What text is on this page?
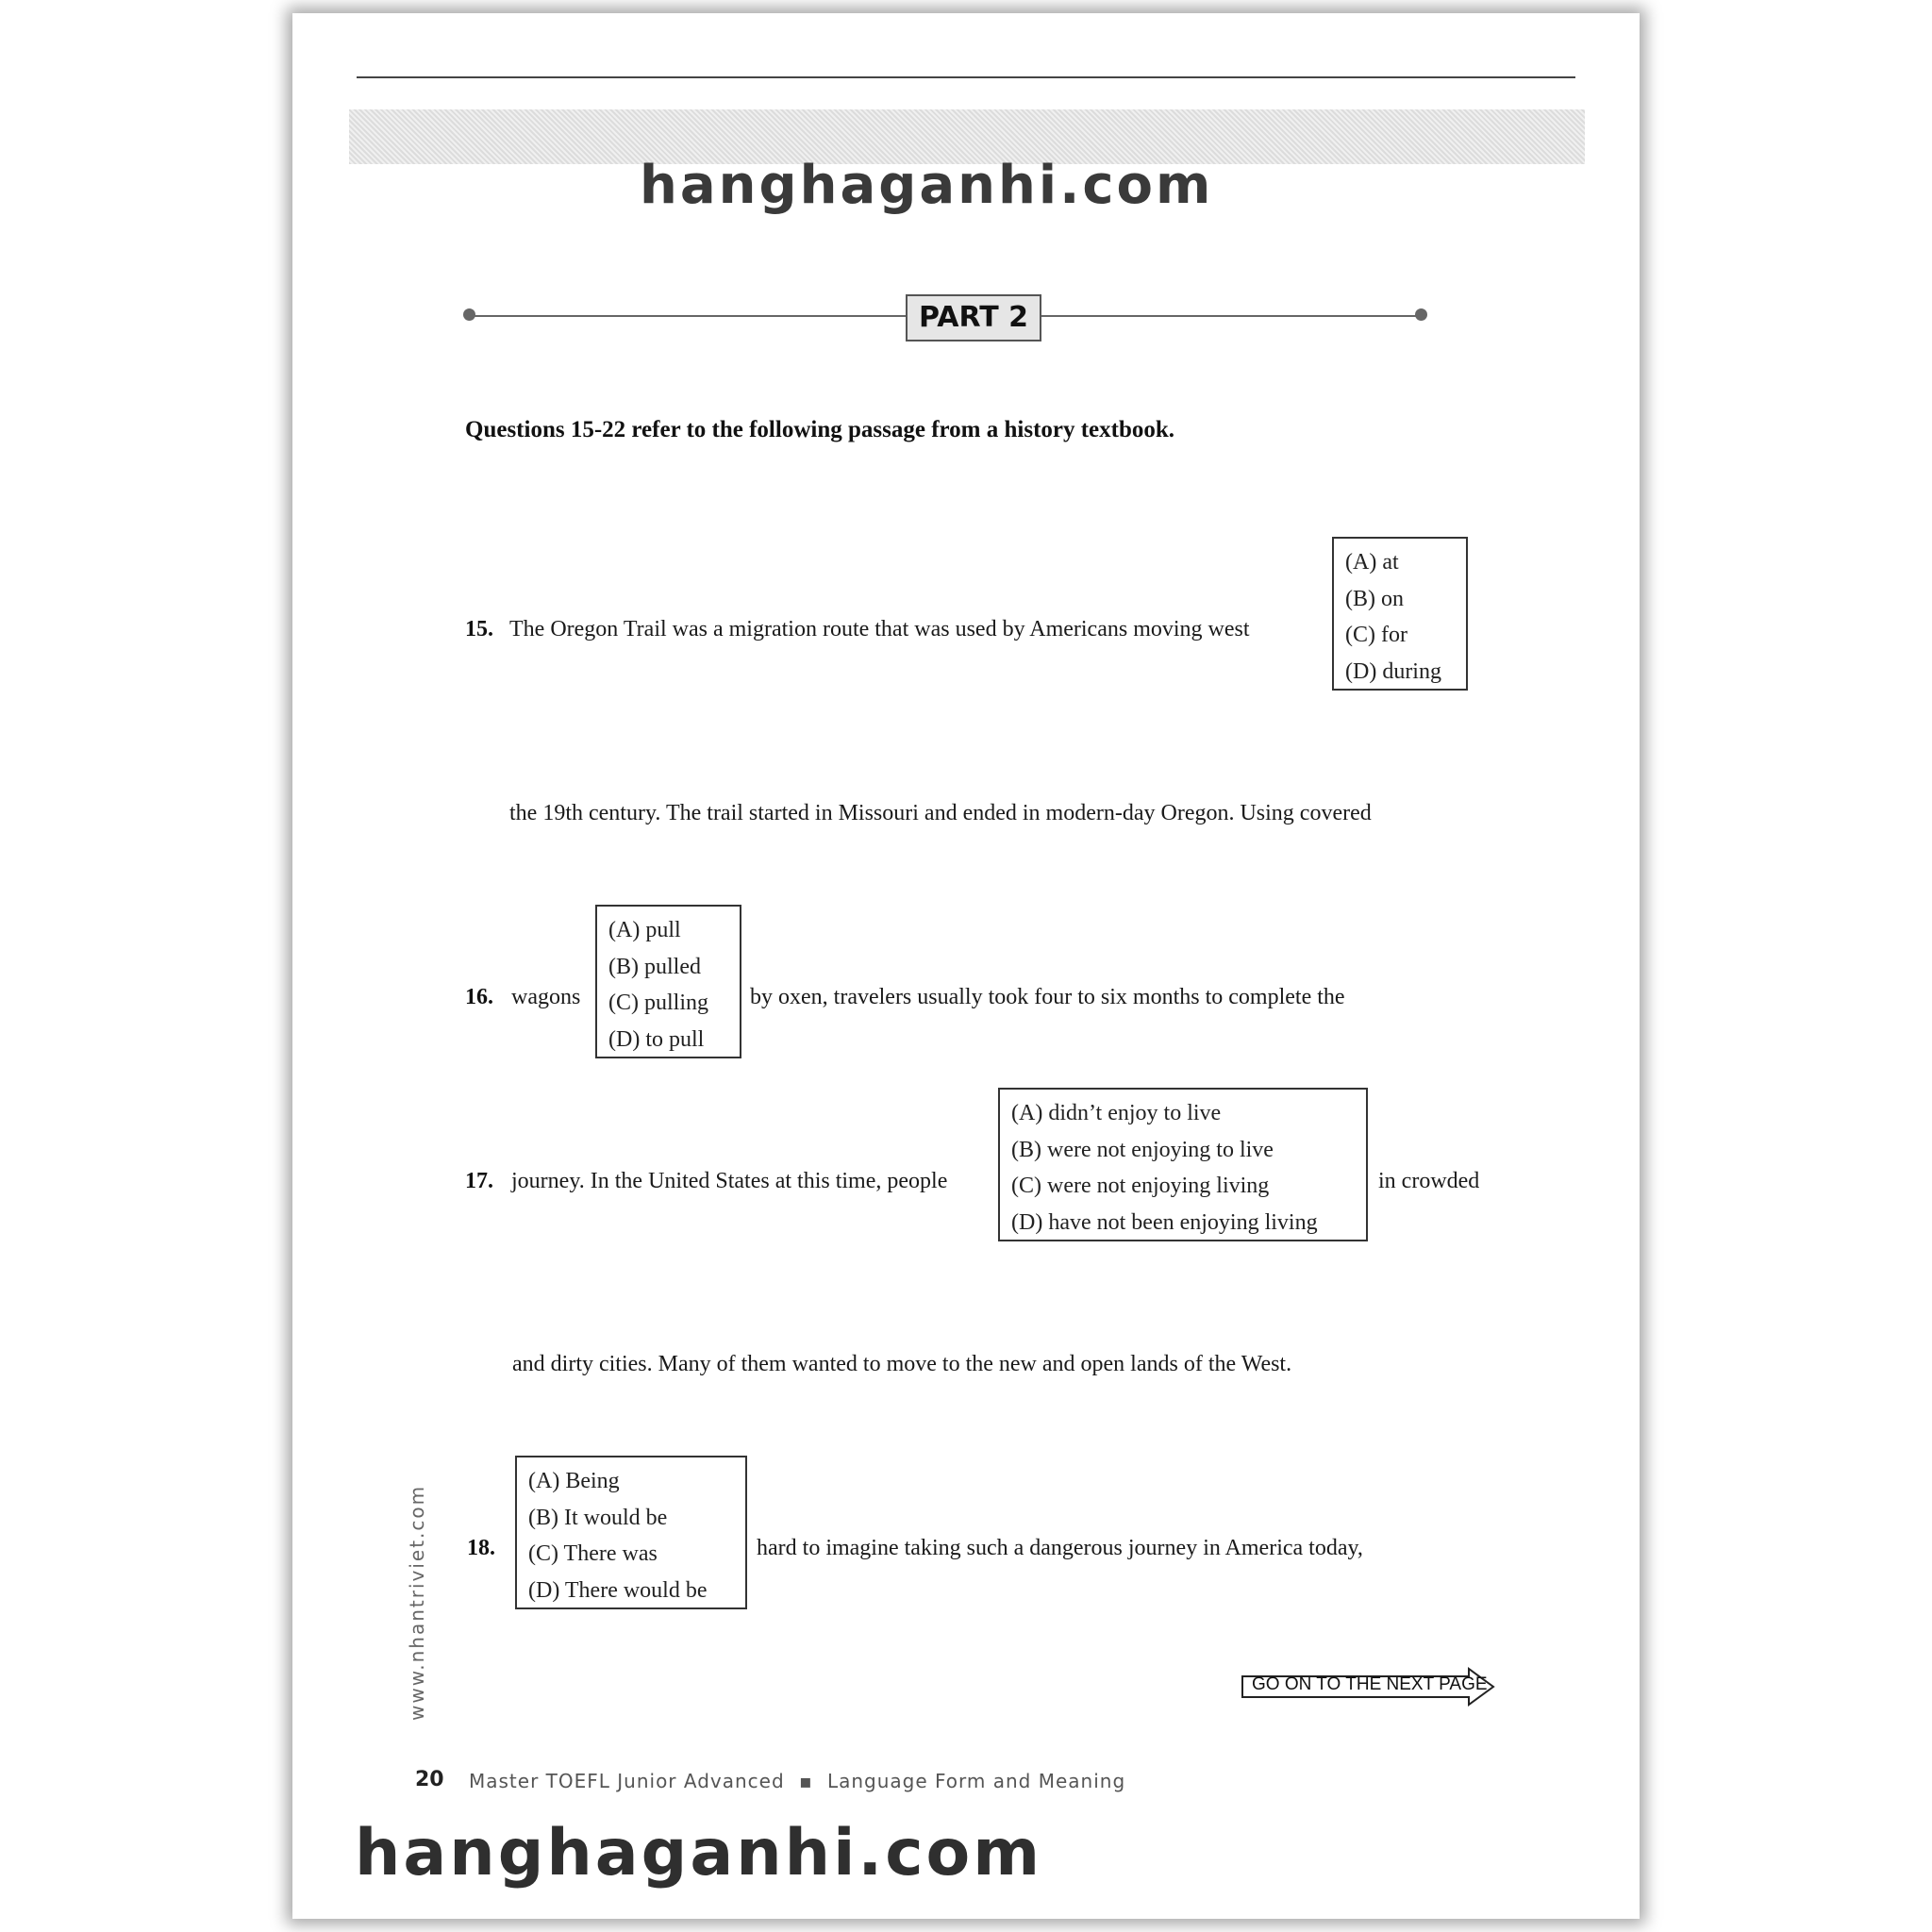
PART 2
Questions 15-22 refer to the following passage from a history textbook.
15. The Oregon Trail was a migration route that was used by Americans moving west
(A) at
(B) on
(C) for
(D) during
the 19th century. The trail started in Missouri and ended in modern-day Oregon. Using covered
16. wagons
(A) pull
(B) pulled
(C) pulling
(D) to pull
by oxen, travelers usually took four to six months to complete the
17. journey. In the United States at this time, people
(A) didn’t enjoy to live
(B) were not enjoying to live
(C) were not enjoying living
(D) have not been enjoying living
in crowded
and dirty cities. Many of them wanted to move to the new and open lands of the West.
18.
(A) Being
(B) It would be
(C) There was
(D) There would be
hard to imagine taking such a dangerous journey in America today,
GO ON TO THE NEXT PAGE
www.nhantriviet.com
20 Master TOEFL Junior Advanced ▪ Language Form and Meaning
hanghaganhi.com
hanghaganhi.com
